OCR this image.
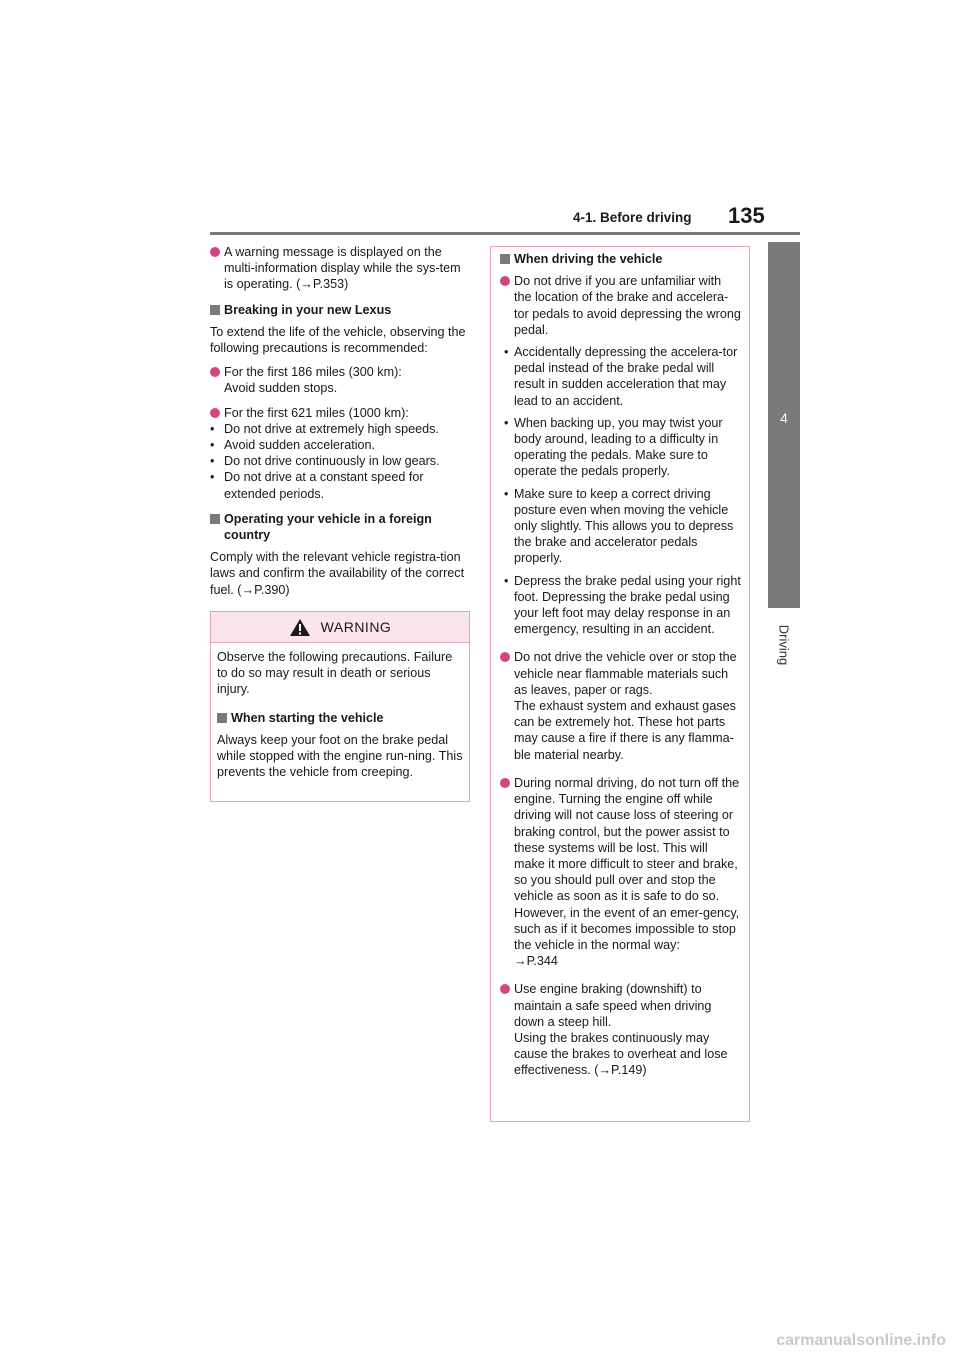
4-1. Before driving 135
4
Driving

A warning message is displayed on the multi-information display while the sys-tem is operating. (→P.353)

Breaking in your new Lexus

To extend the life of the vehicle, observing the following precautions is recommended:

For the first 186 miles (300 km):

Avoid sudden stops.

For the first 621 miles (1000 km):

• Do not drive at extremely high speeds.
• Avoid sudden acceleration.
• Do not drive continuously in low gears.
• Do not drive at a constant speed for extended periods.
Operating your vehicle in a foreign country

Comply with the relevant vehicle registra-tion laws and confirm the availability of the correct fuel. (→P.390)

WARNING

Observe the following precautions. Failure to do so may result in death or serious injury.

When starting the vehicle

Always keep your foot on the brake pedal while stopped with the engine run-ning. This prevents the vehicle from creeping.

When driving the vehicle

Do not drive if you are unfamiliar with the location of the brake and accelera-tor pedals to avoid depressing the wrong pedal.

• Accidentally depressing the accelera-tor pedal instead of the brake pedal will result in sudden acceleration that may lead to an accident.

• When backing up, you may twist your body around, leading to a difficulty in operating the pedals. Make sure to operate the pedals properly.

• Make sure to keep a correct driving posture even when moving the vehicle only slightly. This allows you to depress the brake and accelerator pedals properly.

• Depress the brake pedal using your right foot. Depressing the brake pedal using your left foot may delay response in an emergency, resulting in an accident.

Do not drive the vehicle over or stop the vehicle near flammable materials such as leaves, paper or rags.

The exhaust system and exhaust gases can be extremely hot. These hot parts may cause a fire if there is any flamma-ble material nearby.

During normal driving, do not turn off the engine. Turning the engine off while driving will not cause loss of steering or braking control, but the power assist to these systems will be lost. This will make it more difficult to steer and brake, so you should pull over and stop the vehicle as soon as it is safe to do so.

However, in the event of an emer-gency, such as if it becomes impossible to stop the vehicle in the normal way:

→P.344

Use engine braking (downshift) to maintain a safe speed when driving down a steep hill.

Using the brakes continuously may cause the brakes to overheat and lose effectiveness. (→P.149)

carmanualsonline.info
